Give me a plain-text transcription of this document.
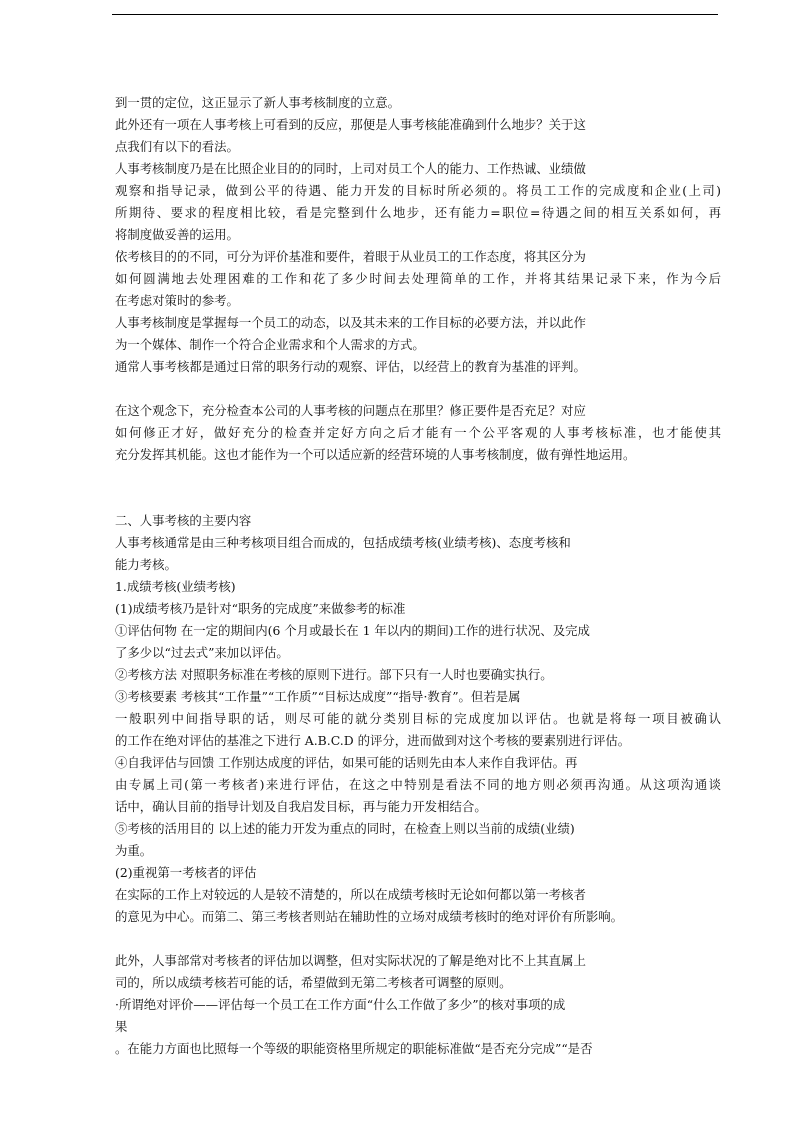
到一贯的定位，这正显示了新人事考核制度的立意。
此外还有一项在人事考核上可看到的反应，那便是人事考核能准确到什么地步？关于这
点我们有以下的看法。
人事考核制度乃是在比照企业目的的同时，上司对员工个人的能力、工作热诚、业绩做
观察和指导记录，做到公平的待遇、能力开发的目标时所必须的。将员工工作的完成度和企业(上司)
所期待、要求的程度相比较，看是完整到什么地步，还有能力=职位=待遇之间的相互关系如何，再
将制度做妥善的运用。
依考核目的的不同，可分为评价基准和要件，着眼于从业员工的工作态度，将其区分为
如何圆满地去处理困难的工作和花了多少时间去处理简单的工作，并将其结果记录下来，作为今后
在考虑对策时的参考。
人事考核制度是掌握每一个员工的动态，以及其未来的工作目标的必要方法，并以此作
为一个媒体、制作一个符合企业需求和个人需求的方式。
通常人事考核都是通过日常的职务行动的观察、评估，以经营上的教育为基准的评判。
在这个观念下，充分检查本公司的人事考核的问题点在那里？修正要件是否充足？对应
如何修正才好，做好充分的检查并定好方向之后才能有一个公平客观的人事考核标准，也才能使其
充分发挥其机能。这也才能作为一个可以适应新的经营环境的人事考核制度，做有弹性地运用。
二、人事考核的主要内容
人事考核通常是由三种考核项目组合而成的，包括成绩考核(业绩考核)、态度考核和
能力考核。
1.成绩考核(业绩考核)
(1)成绩考核乃是针对“职务的完成度”来做参考的标准
①评估何物 在一定的期间内(6 个月或最长在 1 年以内的期间)工作的进行状况、及完成
了多少以“过去式”来加以评估。
②考核方法 对照职务标准在考核的原则下进行。部下只有一人时也要确实执行。
③考核要素 考核其“工作量”“工作质”“目标达成度”“指导·教育”。但若是属
一般职列中间指导职的话，则尽可能的就分类别目标的完成度加以评估。也就是将每一项目被确认
的工作在绝对评估的基准之下进行 A.B.C.D 的评分，进而做到对这个考核的要素别进行评估。
④自我评估与回馈 工作别达成度的评估，如果可能的话则先由本人来作自我评估。再
由专属上司(第一考核者)来进行评估，在这之中特别是看法不同的地方则必须再沟通。从这项沟通谈
话中，确认目前的指导计划及自我启发目标，再与能力开发相结合。
⑤考核的活用目的 以上述的能力开发为重点的同时，在检查上则以当前的成绩(业绩)
为重。
(2)重视第一考核者的评估
在实际的工作上对较远的人是较不清楚的，所以在成绩考核时无论如何都以第一考核者
的意见为中心。而第二、第三考核者则站在辅助性的立场对成绩考核时的绝对评价有所影响。
此外，人事部常对考核者的评估加以调整，但对实际状况的了解是绝对比不上其直属上
司的，所以成绩考核若可能的话，希望做到无第二考核者可调整的原则。
·所谓绝对评价——评估每一个员工在工作方面“什么工作做了多少”的核对事项的成
果
。在能力方面也比照每一个等级的职能资格里所规定的职能标准做“是否充分完成”“是否
